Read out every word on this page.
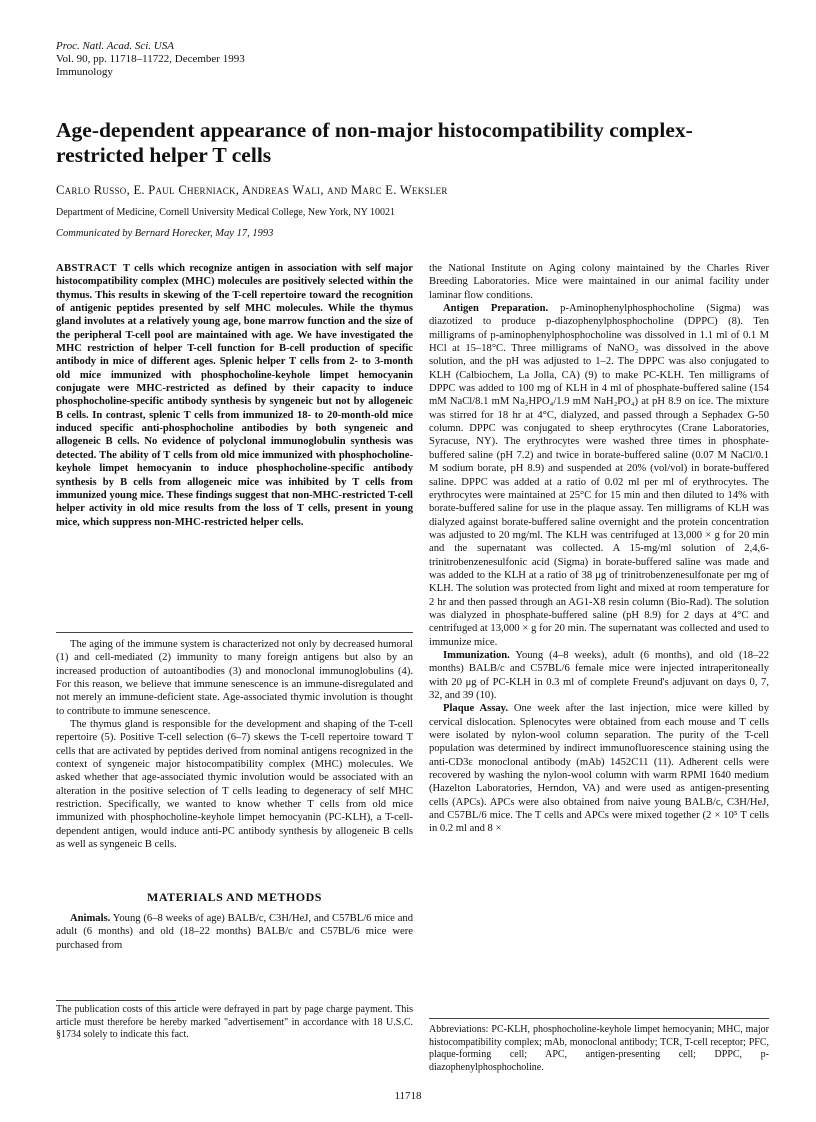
Proc. Natl. Acad. Sci. USA
Vol. 90, pp. 11718–11722, December 1993
Immunology
Age-dependent appearance of non-major histocompatibility complex-restricted helper T cells
Carlo Russo, E. Paul Cherniack, Andreas Wali, and Marc E. Weksler
Department of Medicine, Cornell University Medical College, New York, NY 10021
Communicated by Bernard Horecker, May 17, 1993

ABSTRACT T cells which recognize antigen in association with self major histocompatibility complex (MHC) molecules are positively selected within the thymus. This results in skewing of the T-cell repertoire toward the recognition of antigenic peptides presented by self MHC molecules. While the thymus gland involutes at a relatively young age, bone marrow function and the size of the peripheral T-cell pool are maintained with age. We have investigated the MHC restriction of helper T-cell function for B-cell production of specific antibody in mice of different ages. Splenic helper T cells from 2- to 3-month old mice immunized with phosphocholine-keyhole limpet hemocyanin conjugate were MHC-restricted as defined by their capacity to induce phosphocholine-specific antibody synthesis by syngeneic but not by allogeneic B cells. In contrast, splenic T cells from immunized 18- to 20-month-old mice induced specific anti-phosphocholine antibodies by both syngeneic and allogeneic B cells. No evidence of polyclonal immunoglobulin synthesis was detected. The ability of T cells from old mice immunized with phosphocholine-keyhole limpet hemocyanin to induce phosphocholine-specific antibody synthesis by B cells from allogeneic mice was inhibited by T cells from immunized young mice. These findings suggest that non-MHC-restricted T-cell helper activity in old mice results from the loss of T cells, present in young mice, which suppress non-MHC-restricted helper cells.

The aging of the immune system is characterized not only by decreased humoral (1) and cell-mediated (2) immunity to many foreign antigens but also by an increased production of autoantibodies (3) and monoclonal immunoglobulins (4). For this reason, we believe that immune senescence is an immune-disregulated and not merely an immune-deficient state. Age-associated thymic involution is thought to contribute to immune senescence.

The thymus gland is responsible for the development and shaping of the T-cell repertoire (5). Positive T-cell selection (6–7) skews the T-cell repertoire toward T cells that are activated by peptides derived from nominal antigens recognized in the context of syngeneic major histocompatibility complex (MHC) molecules. We asked whether that age-associated thymic involution would be associated with an alteration in the positive selection of T cells leading to degeneracy of self MHC restriction. Specifically, we wanted to know whether T cells from old mice immunized with phosphocholine-keyhole limpet hemocyanin (PC-KLH), a T-cell-dependent antigen, would induce anti-PC antibody synthesis by allogeneic B cells as well as syngeneic B cells.

MATERIALS AND METHODS

Animals. Young (6–8 weeks of age) BALB/c, C3H/HeJ, and C57BL/6 mice and adult (6 months) and old (18–22 months) BALB/c and C57BL/6 mice were purchased from

The publication costs of this article were defrayed in part by page charge payment. This article must therefore be hereby marked "advertisement" in accordance with 18 U.S.C. §1734 solely to indicate this fact.

the National Institute on Aging colony maintained by the Charles River Breeding Laboratories. Mice were maintained in our animal facility under laminar flow conditions.

Antigen Preparation. p-Aminophenylphosphocholine (Sigma) was diazotized to produce p-diazophenylphosphocholine (DPPC) (8). Ten milligrams of p-aminophenylphosphocholine was dissolved in 1.1 ml of 0.1 M HCl at 15–18°C. Three milligrams of NaNO₂ was dissolved in the above solution, and the pH was adjusted to 1–2. The DPPC was also conjugated to KLH (Calbiochem, La Jolla, CA) (9) to make PC-KLH. Ten milligrams of DPPC was added to 100 mg of KLH in 4 ml of phosphate-buffered saline (154 mM NaCl/8.1 mM Na₂HPO₄/1.9 mM NaH₂PO₄) at pH 8.9 on ice. The mixture was stirred for 18 hr at 4°C, dialyzed, and passed through a Sephadex G-50 column. DPPC was conjugated to sheep erythrocytes (Crane Laboratories, Syracuse, NY). The erythrocytes were washed three times in phosphate-buffered saline (pH 7.2) and twice in borate-buffered saline (0.07 M NaCl/0.1 M sodium borate, pH 8.9) and suspended at 20% (vol/vol) in borate-buffered saline. DPPC was added at a ratio of 0.02 ml per ml of erythrocytes. The erythrocytes were maintained at 25°C for 15 min and then diluted to 14% with borate-buffered saline for use in the plaque assay. Ten milligrams of KLH was dialyzed against borate-buffered saline overnight and the protein concentration was adjusted to 20 mg/ml. The KLH was centrifuged at 13,000 × g for 20 min and the supernatant was collected. A 15-mg/ml solution of 2,4,6-trinitrobenzenesulfonic acid (Sigma) in borate-buffered saline was made and was added to the KLH at a ratio of 38 μg of trinitrobenzenesulfonate per mg of KLH. The solution was protected from light and mixed at room temperature for 2 hr and then passed through an AG1-X8 resin column (Bio-Rad). The solution was dialyzed in phosphate-buffered saline (pH 8.9) for 2 days at 4°C and centrifuged at 13,000 × g for 20 min. The supernatant was collected and used to immunize mice.

Immunization. Young (4–8 weeks), adult (6 months), and old (18–22 months) BALB/c and C57BL/6 female mice were injected intraperitoneally with 20 μg of PC-KLH in 0.3 ml of complete Freund's adjuvant on days 0, 7, 32, and 39 (10).

Plaque Assay. One week after the last injection, mice were killed by cervical dislocation. Splenocytes were obtained from each mouse and T cells were isolated by nylon-wool column separation. The purity of the T-cell population was determined by indirect immunofluorescence staining using the anti-CD3ε monoclonal antibody (mAb) 1452C11 (11). Adherent cells were recovered by washing the nylon-wool column with warm RPMI 1640 medium (Hazelton Laboratories, Herndon, VA) and were used as antigen-presenting cells (APCs). APCs were also obtained from naive young BALB/c, C3H/HeJ, and C57BL/6 mice. The T cells and APCs were mixed together (2 × 10⁵ T cells in 0.2 ml and 8 ×

Abbreviations: PC-KLH, phosphocholine-keyhole limpet hemocyanin; MHC, major histocompatibility complex; mAb, monoclonal antibody; TCR, T-cell receptor; PFC, plaque-forming cell; APC, antigen-presenting cell; DPPC, p-diazophenylphosphocholine.
11718
